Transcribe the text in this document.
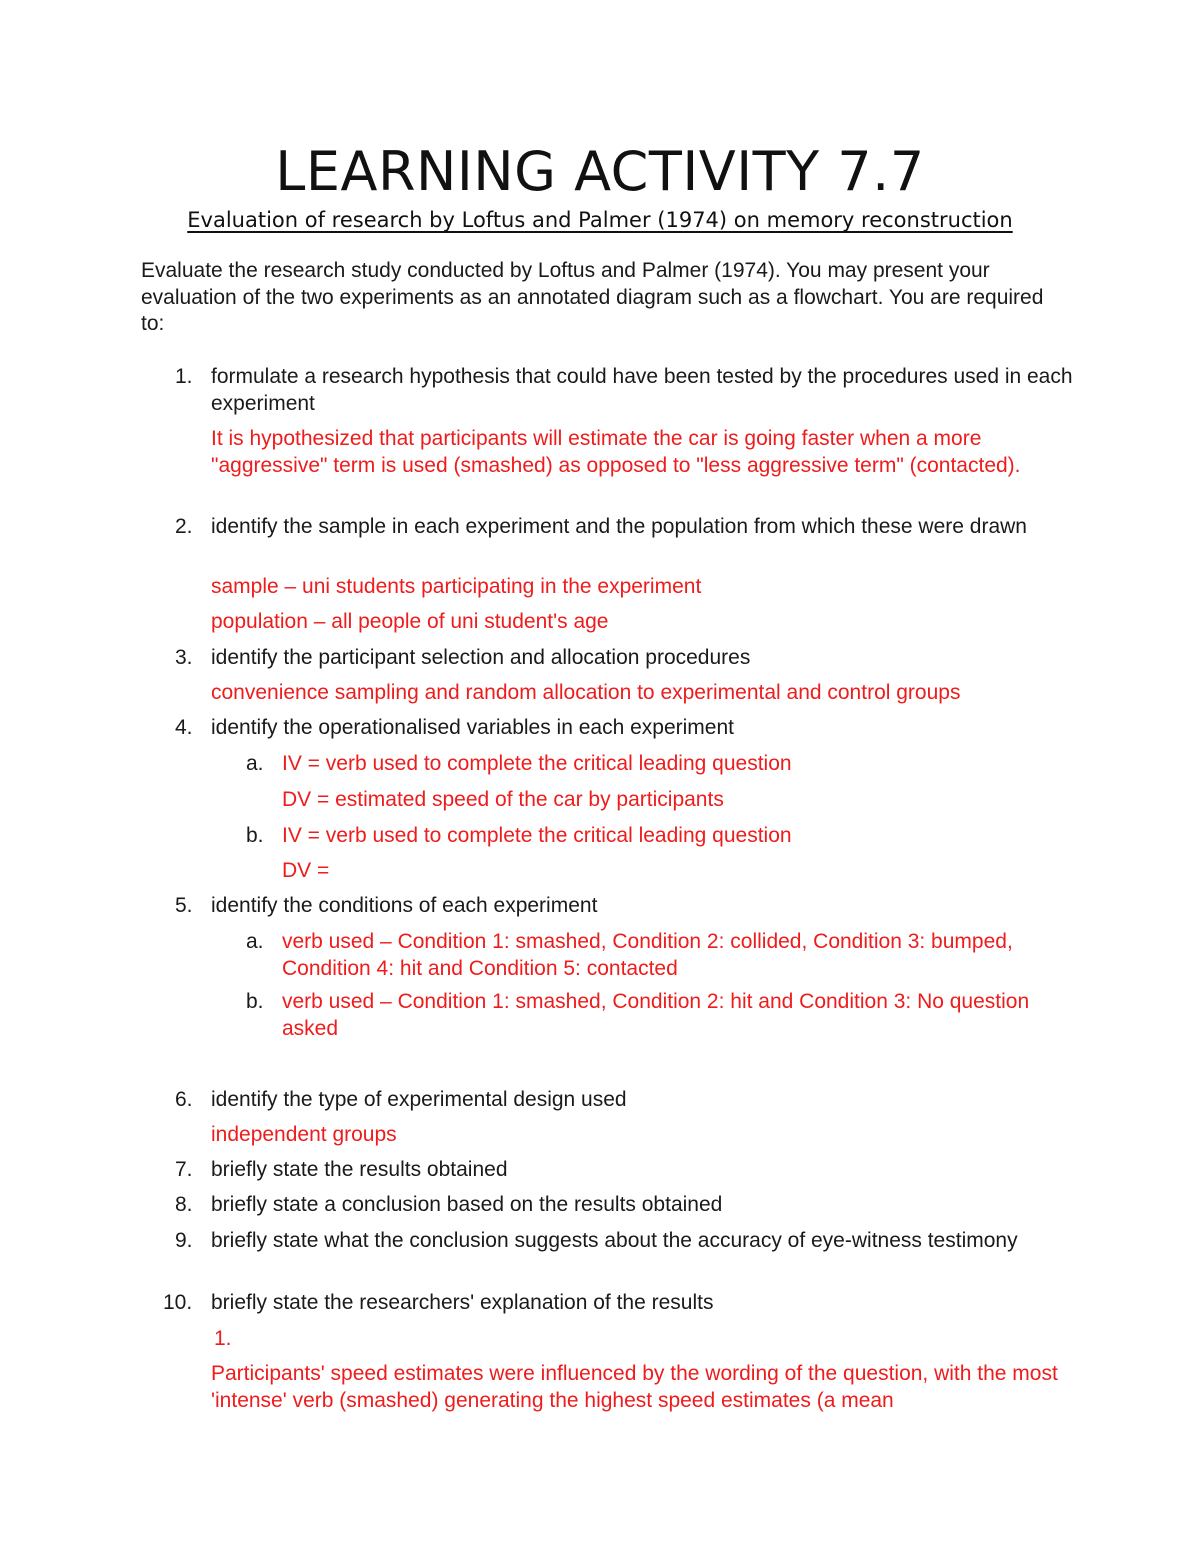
LEARNING ACTIVITY 7.7
Evaluation of research by Loftus and Palmer (1974) on memory reconstruction
Evaluate the research study conducted by Loftus and Palmer (1974). You may present your evaluation of the two experiments as an annotated diagram such as a flowchart. You are required to:
1. formulate a research hypothesis that could have been tested by the procedures used in each experiment
It is hypothesized that participants will estimate the car is going faster when a more "aggressive" term is used (smashed) as opposed to "less aggressive term" (contacted).
2. identify the sample in each experiment and the population from which these were drawn
sample – uni students participating in the experiment
population – all people of uni student's age
3. identify the participant selection and allocation procedures
convenience sampling and random allocation to experimental and control groups
4. identify the operationalised variables in each experiment
a. IV = verb used to complete the critical leading question
DV = estimated speed of the car by participants
b. IV = verb used to complete the critical leading question
DV =
5. identify the conditions of each experiment
a. verb used – Condition 1: smashed, Condition 2: collided, Condition 3: bumped, Condition 4: hit and Condition 5: contacted
b. verb used – Condition 1: smashed, Condition 2: hit and Condition 3: No question asked
6. identify the type of experimental design used
independent groups
7. briefly state the results obtained
8. briefly state a conclusion based on the results obtained
9. briefly state what the conclusion suggests about the accuracy of eye-witness testimony
10. briefly state the researchers' explanation of the results
1.
Participants' speed estimates were influenced by the wording of the question, with the most 'intense' verb (smashed) generating the highest speed estimates (a mean
